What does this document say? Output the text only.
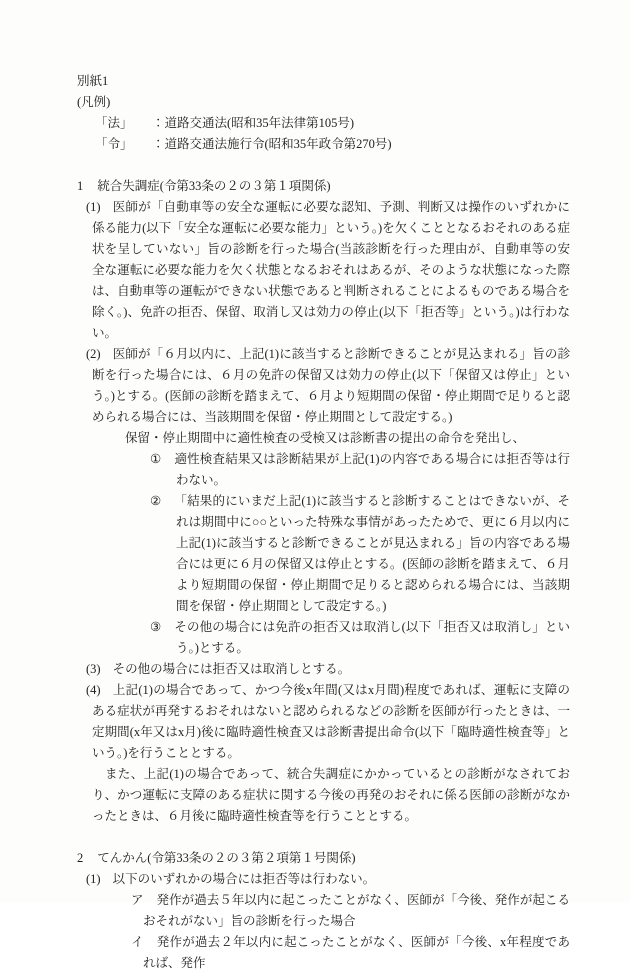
別紙1

(凡例)

「法」 ：道路交通法(昭和35年法律第105号)

「令」 ：道路交通法施行令(昭和35年政令第270号)

1 統合失調症(令第33条の２の３第１項関係)

(1) 医師が「自動車等の安全な運転に必要な認知、予測、判断又は操作のいずれかに係る能力(以下「安全な運転に必要な能力」という。)を欠くこととなるおそれのある症状を呈していない」旨の診断を行った場合(当該診断を行った理由が、自動車等の安全な運転に必要な能力を欠く状態となるおそれはあるが、そのような状態になった際は、自動車等の運転ができない状態であると判断されることによるものである場合を除く。)、免許の拒否、保留、取消し又は効力の停止(以下「拒否等」という。)は行わない。

(2) 医師が「６月以内に、上記(1)に該当すると診断できることが見込まれる」旨の診断を行った場合には、６月の免許の保留又は効力の停止(以下「保留又は停止」という。)とする。(医師の診断を踏まえて、６月より短期間の保留・停止期間で足りると認められる場合には、当該期間を保留・停止期間として設定する。)

保留・停止期間中に適性検査の受検又は診断書の提出の命令を発出し、

① 適性検査結果又は診断結果が上記(1)の内容である場合には拒否等は行わない。

② 「結果的にいまだ上記(1)に該当すると診断することはできないが、それは期間中に○○といった特殊な事情があったためで、更に６月以内に上記(1)に該当すると診断できることが見込まれる」旨の内容である場合には更に６月の保留又は停止とする。(医師の診断を踏まえて、６月より短期間の保留・停止期間で足りると認められる場合には、当該期間を保留・停止期間として設定する。)

③ その他の場合には免許の拒否又は取消し(以下「拒否又は取消し」という。)とする。

(3) その他の場合には拒否又は取消しとする。

(4) 上記(1)の場合であって、かつ今後x年間(又はx月間)程度であれば、運転に支障のある症状が再発するおそれはないと認められるなどの診断を医師が行ったときは、一定期間(x年又はx月)後に臨時適性検査又は診断書提出命令(以下「臨時適性検査等」という。)を行うこととする。

また、上記(1)の場合であって、統合失調症にかかっているとの診断がなされており、かつ運転に支障のある症状に関する今後の再発のおそれに係る医師の診断がなかったときは、６月後に臨時適性検査等を行うこととする。

2 てんかん(令第33条の２の３第２項第１号関係)

(1) 以下のいずれかの場合には拒否等は行わない。

ア 発作が過去５年以内に起こったことがなく、医師が「今後、発作が起こるおそれがない」旨の診断を行った場合

イ 発作が過去２年以内に起こったことがなく、医師が「今後、x年程度であれば、発作
